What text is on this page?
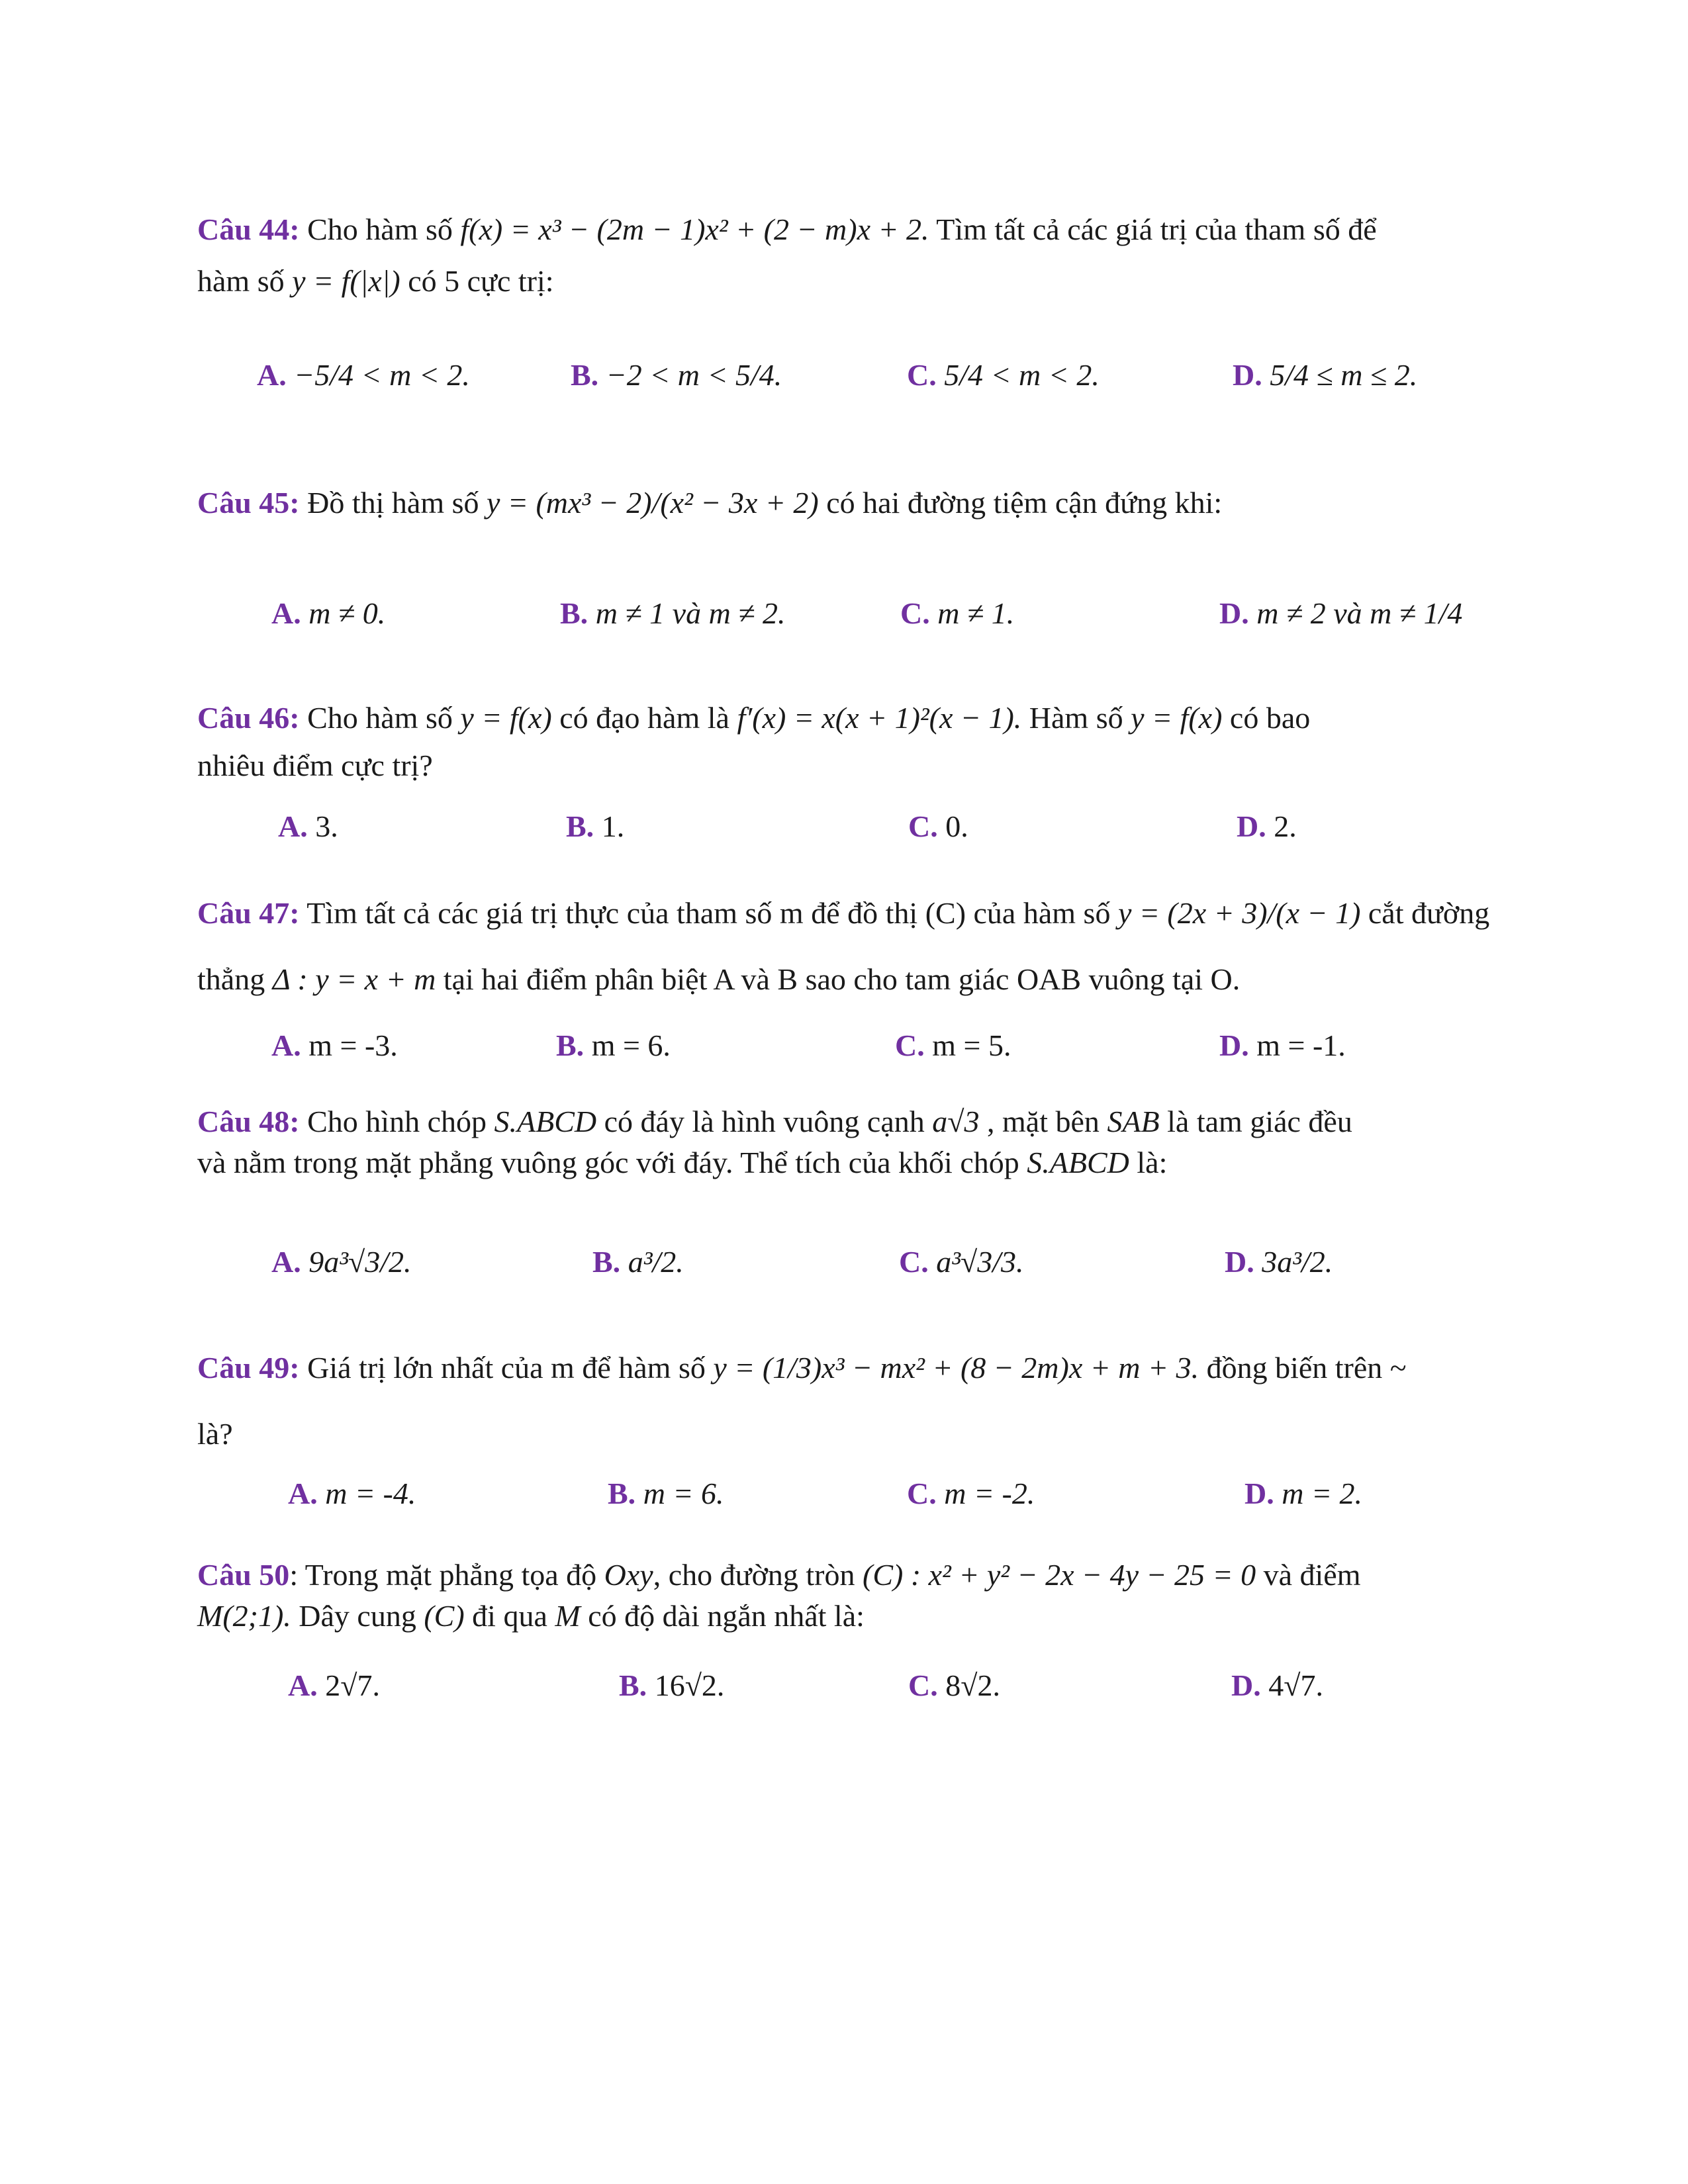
Câu 44: Cho hàm số f(x) = x³ − (2m − 1)x² + (2 − m)x + 2. Tìm tất cả các giá trị của tham số để
hàm số y = f(|x|) có 5 cực trị:
A. −5/4 < m < 2.	B. −2 < m < 5/4.	C. 5/4 < m < 2.	D. 5/4 ≤ m ≤ 2.
Câu 45: Đồ thị hàm số y = (mx³ − 2)/(x² − 3x + 2) có hai đường tiệm cận đứng khi:
A. m ≠ 0.	B. m ≠ 1 và m ≠ 2.	C. m ≠ 1.	D. m ≠ 2 và m ≠ 1/4
Câu 46: Cho hàm số y = f(x) có đạo hàm là f′(x) = x(x + 1)²(x − 1). Hàm số y = f(x) có bao
nhiêu điểm cực trị?
A. 3.	B. 1.	C. 0.	D. 2.
Câu 47: Tìm tất cả các giá trị thực của tham số m để đồ thị (C) của hàm số y = (2x + 3)/(x − 1) cắt đường
thẳng Δ : y = x + m tại hai điểm phân biệt A và B sao cho tam giác OAB vuông tại O.
A. m = -3.	B. m = 6.	C. m = 5.	D. m = -1.
Câu 48: Cho hình chóp S.ABCD có đáy là hình vuông cạnh a√3 , mặt bên SAB là tam giác đều
và nằm trong mặt phẳng vuông góc với đáy. Thể tích của khối chóp S.ABCD là:
A. 9a³√3/2.	B. a³/2.	C. a³√3/3.	D. 3a³/2.
Câu 49: Giá trị lớn nhất của m để hàm số y = (1/3)x³ − mx² + (8 − 2m)x + m + 3. đồng biến trên ~
là?
A. m = -4.	B. m = 6.	C. m = -2.	D. m = 2.
Câu 50: Trong mặt phẳng tọa độ Oxy, cho đường tròn (C) : x² + y² − 2x − 4y − 25 = 0 và điểm
M(2;1). Dây cung (C) đi qua M có độ dài ngắn nhất là:
A. 2√7.	B. 16√2.	C. 8√2.	D. 4√7.
